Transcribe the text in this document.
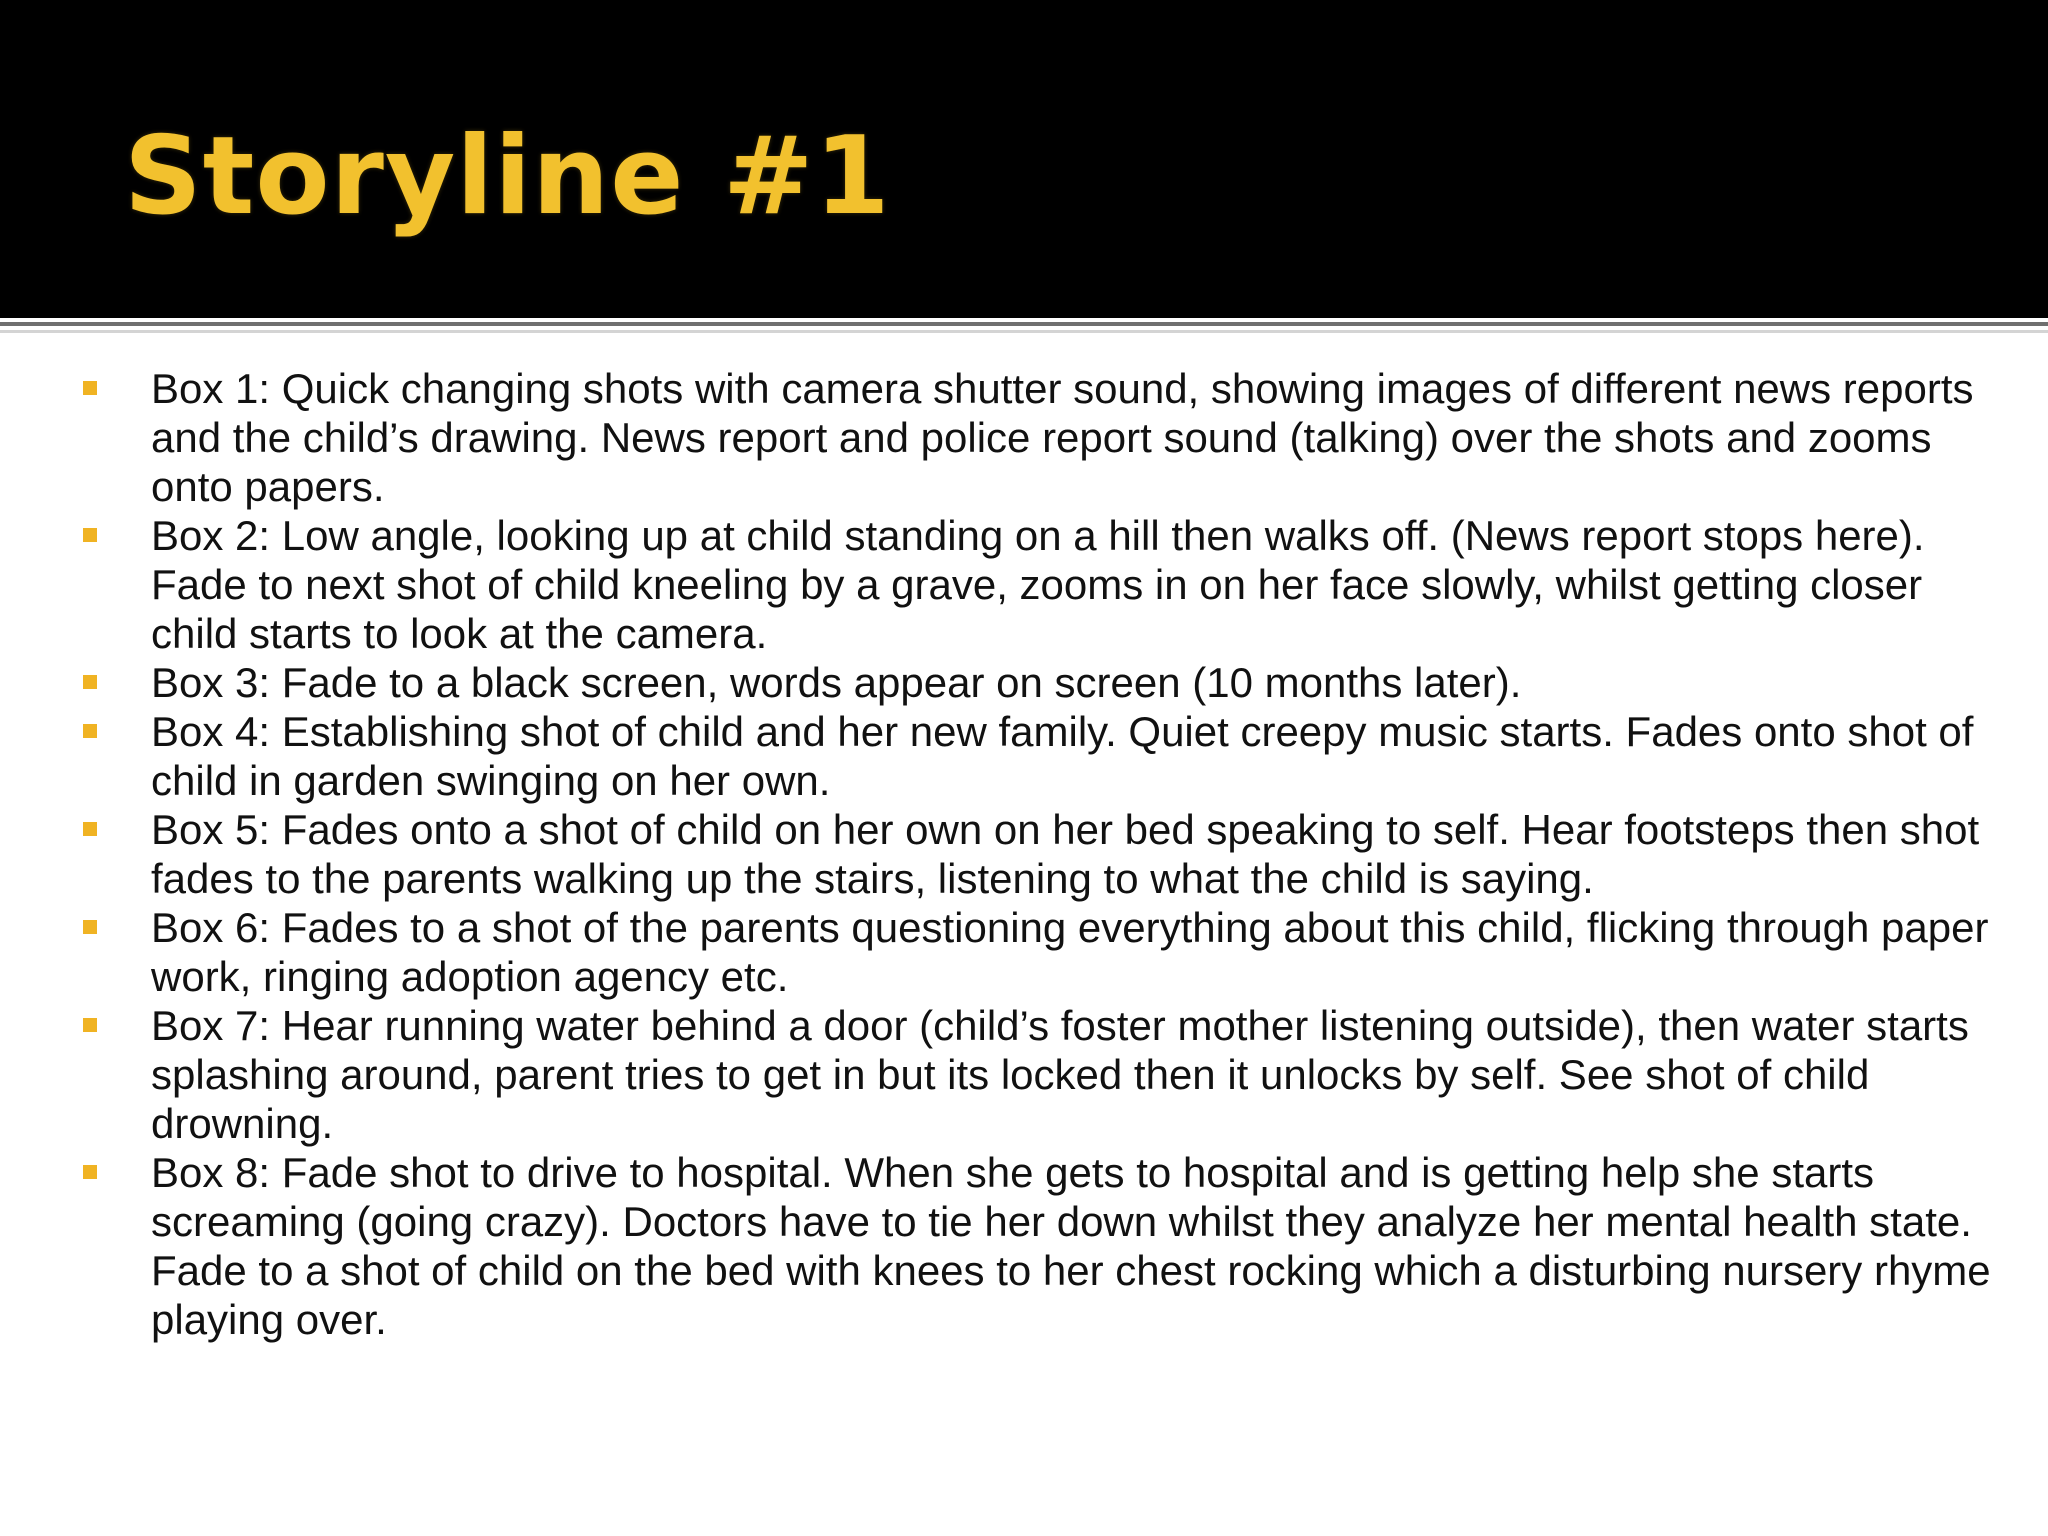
Storyline #1
Box 1: Quick changing shots with camera shutter sound, showing images of different news reports and the child’s drawing. News report and police report sound (talking) over the shots and zooms onto papers.
Box 2: Low angle, looking up at child standing on a hill then walks off. (News report stops here). Fade to next shot of child kneeling by a grave, zooms in on her face slowly, whilst getting closer child starts to look at the camera.
Box 3: Fade to a black screen, words appear on screen (10 months later).
Box 4: Establishing shot of child and her new family. Quiet creepy music starts. Fades onto shot of child in garden swinging on her own.
Box 5: Fades onto a shot of child on her own on her bed speaking to self. Hear footsteps then shot fades to the parents walking up the stairs, listening to what the child is saying.
Box 6: Fades to a shot of the parents questioning everything about this child, flicking through paper work, ringing adoption agency etc.
Box 7: Hear running water behind a door (child’s foster mother listening outside), then water starts splashing around, parent tries to get in but its locked then it unlocks by self. See shot of child drowning.
Box 8: Fade shot to drive to hospital. When she gets to hospital and is getting help she starts screaming (going crazy). Doctors have to tie her down whilst they analyze her mental health state. Fade to a shot of child on the bed with knees to her chest rocking which a disturbing nursery rhyme playing over.
